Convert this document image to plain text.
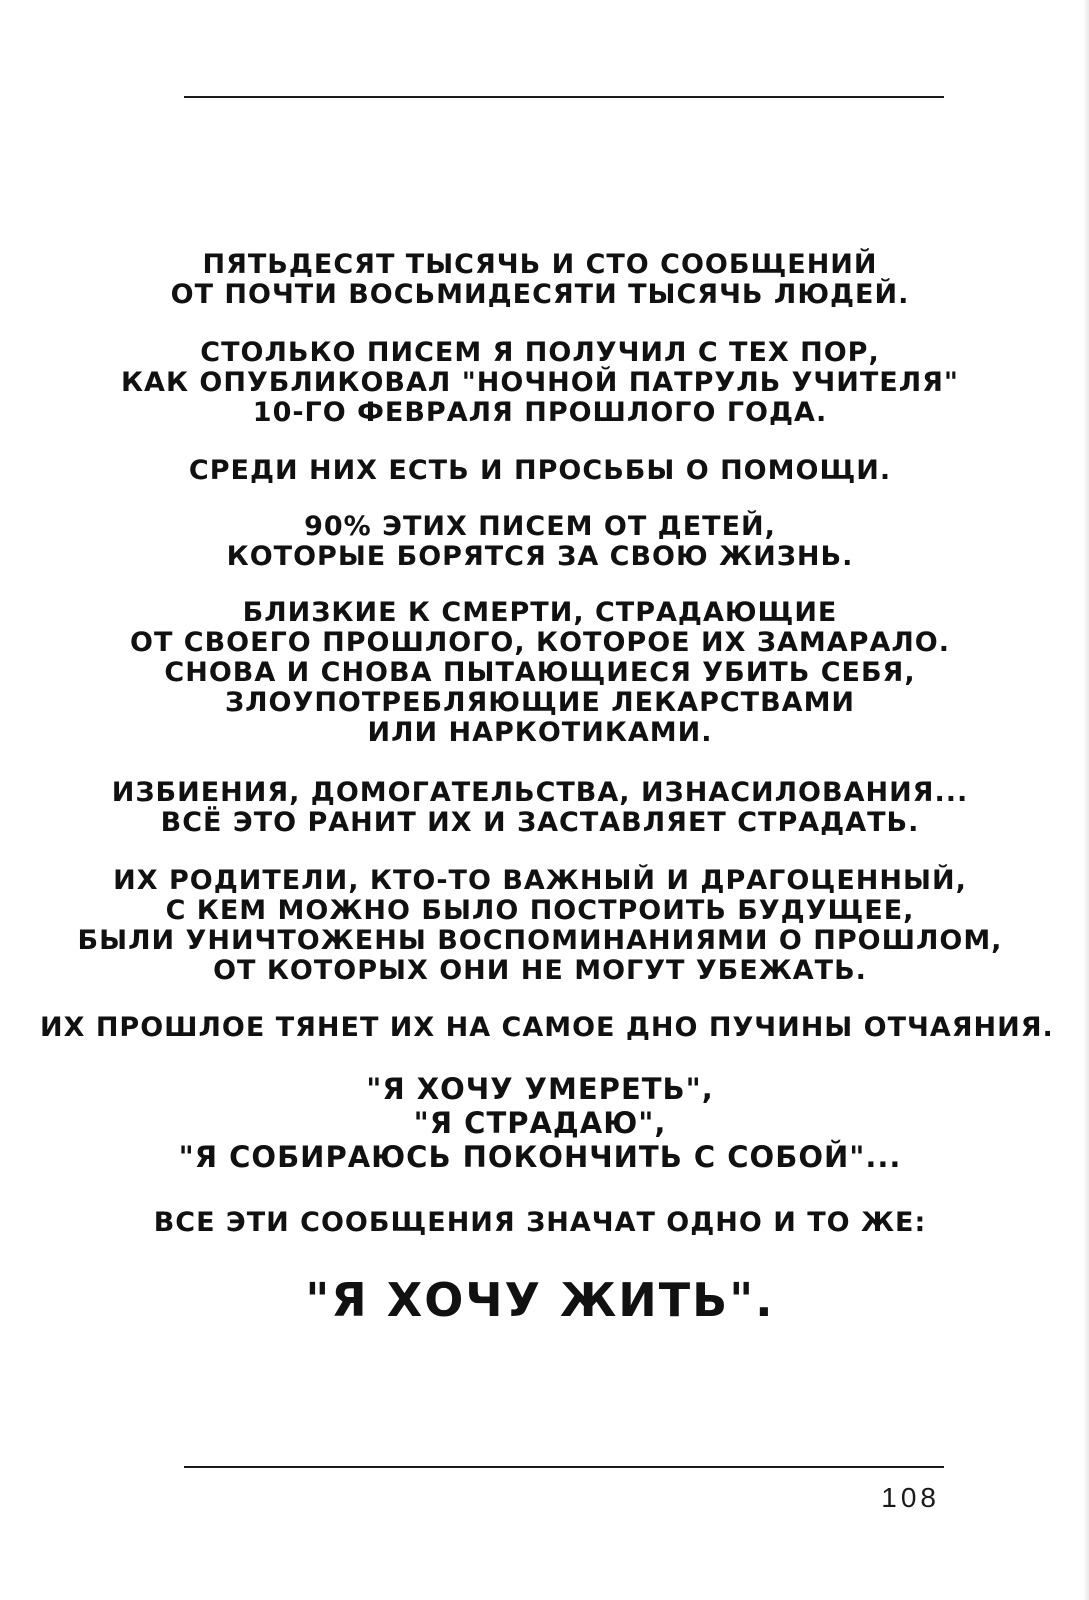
ПЯТЬДЕСЯТ ТЫСЯЧЬ И СТО СООБЩЕНИЙ
ОТ ПОЧТИ ВОСЬМИДЕСЯТИ ТЫСЯЧЬ ЛЮДЕЙ.
СТОЛЬКО ПИСЕМ Я ПОЛУЧИЛ С ТЕХ ПОР,
КАК ОПУБЛИКОВАЛ "НОЧНОЙ ПАТРУЛЬ УЧИТЕЛЯ"
10-ГО ФЕВРАЛЯ ПРОШЛОГО ГОДА.
СРЕДИ НИХ ЕСТЬ И ПРОСЬБЫ О ПОМОЩИ.
90% ЭТИХ ПИСЕМ ОТ ДЕТЕЙ,
КОТОРЫЕ БОРЯТСЯ ЗА СВОЮ ЖИЗНЬ.
БЛИЗКИЕ К СМЕРТИ, СТРАДАЮЩИЕ
ОТ СВОЕГО ПРОШЛОГО, КОТОРОЕ ИХ ЗАМАРАЛО.
СНОВА И СНОВА ПЫТАЮЩИЕСЯ УБИТЬ СЕБЯ,
ЗЛОУПОТРЕБЛЯЮЩИЕ ЛЕКАРСТВАМИ
ИЛИ НАРКОТИКАМИ.
ИЗБИЕНИЯ, ДОМОГАТЕЛЬСТВА, ИЗНАСИЛОВАНИЯ...
ВСЁ ЭТО РАНИТ ИХ И ЗАСТАВЛЯЕТ СТРАДАТЬ.
ИХ РОДИТЕЛИ, КТО-ТО ВАЖНЫЙ И ДРАГОЦЕННЫЙ,
С КЕМ МОЖНО БЫЛО ПОСТРОИТЬ БУДУЩЕЕ,
БЫЛИ УНИЧТОЖЕНЫ ВОСПОМИНАНИЯМИ О ПРОШЛОМ,
ОТ КОТОРЫХ ОНИ НЕ МОГУТ УБЕЖАТЬ.
ИХ ПРОШЛОЕ ТЯНЕТ ИХ НА САМОЕ ДНО ПУЧИНЫ ОТЧАЯНИЯ.
"Я ХОЧУ УМЕРЕТЬ",
"Я СТРАДАЮ",
"Я СОБИРАЮСЬ ПОКОНЧИТЬ С СОБОЙ"...
ВСЕ ЭТИ СООБЩЕНИЯ ЗНАЧАТ ОДНО И ТО ЖЕ:
"Я ХОЧУ ЖИТЬ".
108
